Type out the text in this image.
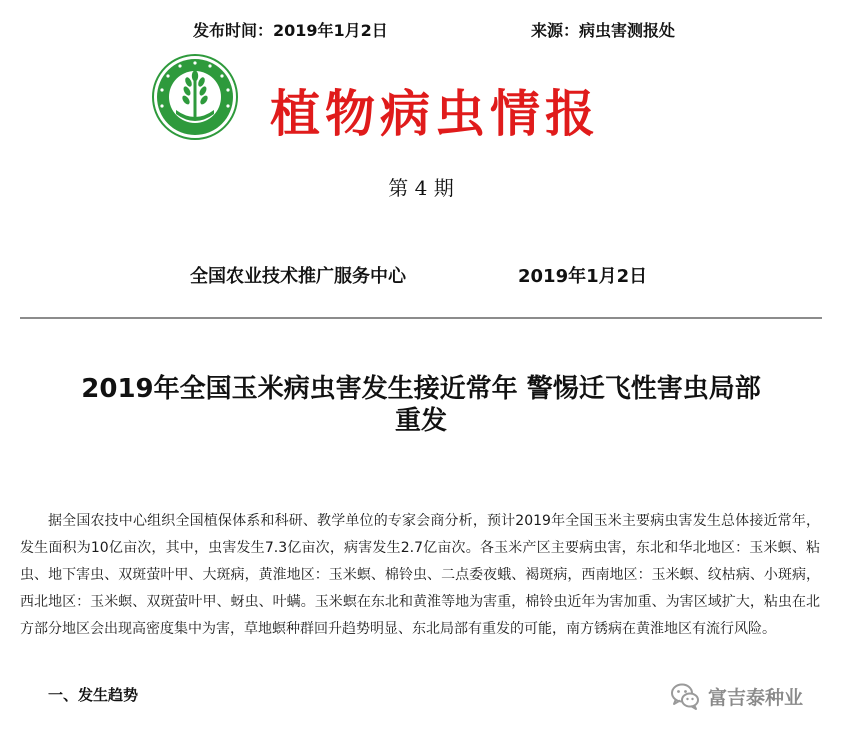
发布时间：2019年1月2日	来源：病虫害测报处
植物病虫情报
第 4 期
全国农业技术推广服务中心	2019年1月2日
2019年全国玉米病虫害发生接近常年 警惕迁飞性害虫局部
重发

据全国农技中心组织全国植保体系和科研、教学单位的专家会商分析，预计2019年全国玉米主要病虫害发生总体接近常年，发生面积为10亿亩次，其中，虫害发生7.3亿亩次，病害发生2.7亿亩次。各玉米产区主要病虫害，东北和华北地区：玉米螟、粘虫、地下害虫、双斑萤叶甲、大斑病，黄淮地区：玉米螟、棉铃虫、二点委夜蛾、褐斑病，西南地区：玉米螟、纹枯病、小斑病，西北地区：玉米螟、双斑萤叶甲、蚜虫、叶螨。玉米螟在东北和黄淮等地为害重，棉铃虫近年为害加重、为害区域扩大，粘虫在北方部分地区会出现高密度集中为害，草地螟种群回升趋势明显、东北局部有重发的可能，南方锈病在黄淮地区有流行风险。

一、发生趋势	富吉泰种业
